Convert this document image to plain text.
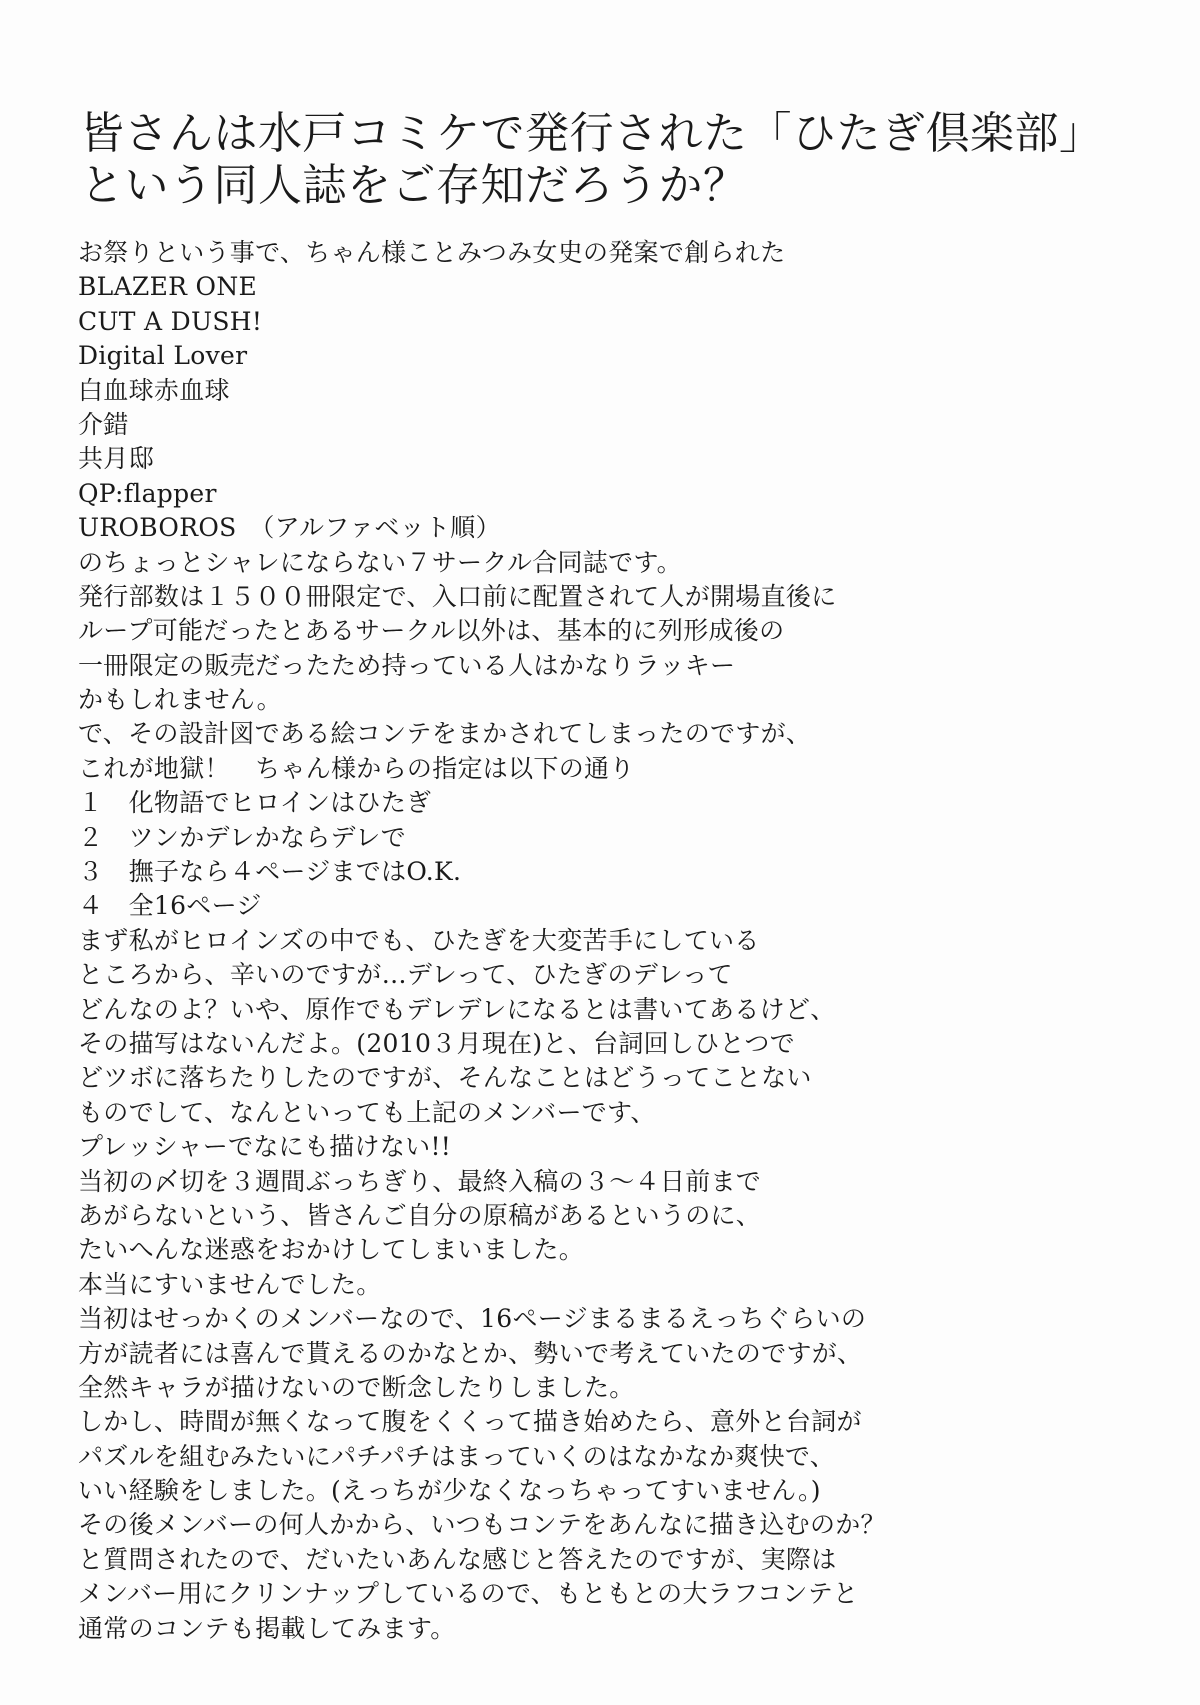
皆さんは水戸コミケで発行された「ひたぎ倶楽部」
という同人誌をご存知だろうか？

お祭りという事で、ちゃん様ことみつみ女史の発案で創られた

BLAZER ONE

CUT A DUSH!

Digital Lover

白血球赤血球

介錯

共月邸

QP:flapper

UROBOROS　（アルファベット順）

のちょっとシャレにならない７サークル合同誌です。

発行部数は１５００冊限定で、入口前に配置されて人が開場直後に

ループ可能だったとあるサークル以外は、基本的に列形成後の

一冊限定の販売だったため持っている人はかなりラッキー

かもしれません。

で、その設計図である絵コンテをまかされてしまったのですが、

これが地獄！　ちゃん様からの指定は以下の通り

１　化物語でヒロインはひたぎ

２　ツンかデレかならデレで

３　撫子なら４ページまではO.K.

４　全16ページ

まず私がヒロインズの中でも、ひたぎを大変苦手にしている

ところから、辛いのですが…デレって、ひたぎのデレって

どんなのよ？いや、原作でもデレデレになるとは書いてあるけど、

その描写はないんだよ。(2010３月現在)と、台詞回しひとつで

どツボに落ちたりしたのですが、そんなことはどうってことない

ものでして、なんといっても上記のメンバーです、

プレッシャーでなにも描けない!!

当初の〆切を３週間ぶっちぎり、最終入稿の３～４日前まで

あがらないという、皆さんご自分の原稿があるというのに、

たいへんな迷惑をおかけしてしまいました。

本当にすいませんでした。

当初はせっかくのメンバーなので、16ページまるまるえっちぐらいの

方が読者には喜んで貰えるのかなとか、勢いで考えていたのですが、

全然キャラが描けないので断念したりしました。

しかし、時間が無くなって腹をくくって描き始めたら、意外と台詞が

パズルを組むみたいにパチパチはまっていくのはなかなか爽快で、

いい経験をしました。(えっちが少なくなっちゃってすいません。)

その後メンバーの何人かから、いつもコンテをあんなに描き込むのか？

と質問されたので、だいたいあんな感じと答えたのですが、実際は

メンバー用にクリンナップしているので、もともとの大ラフコンテと

通常のコンテも掲載してみます。
